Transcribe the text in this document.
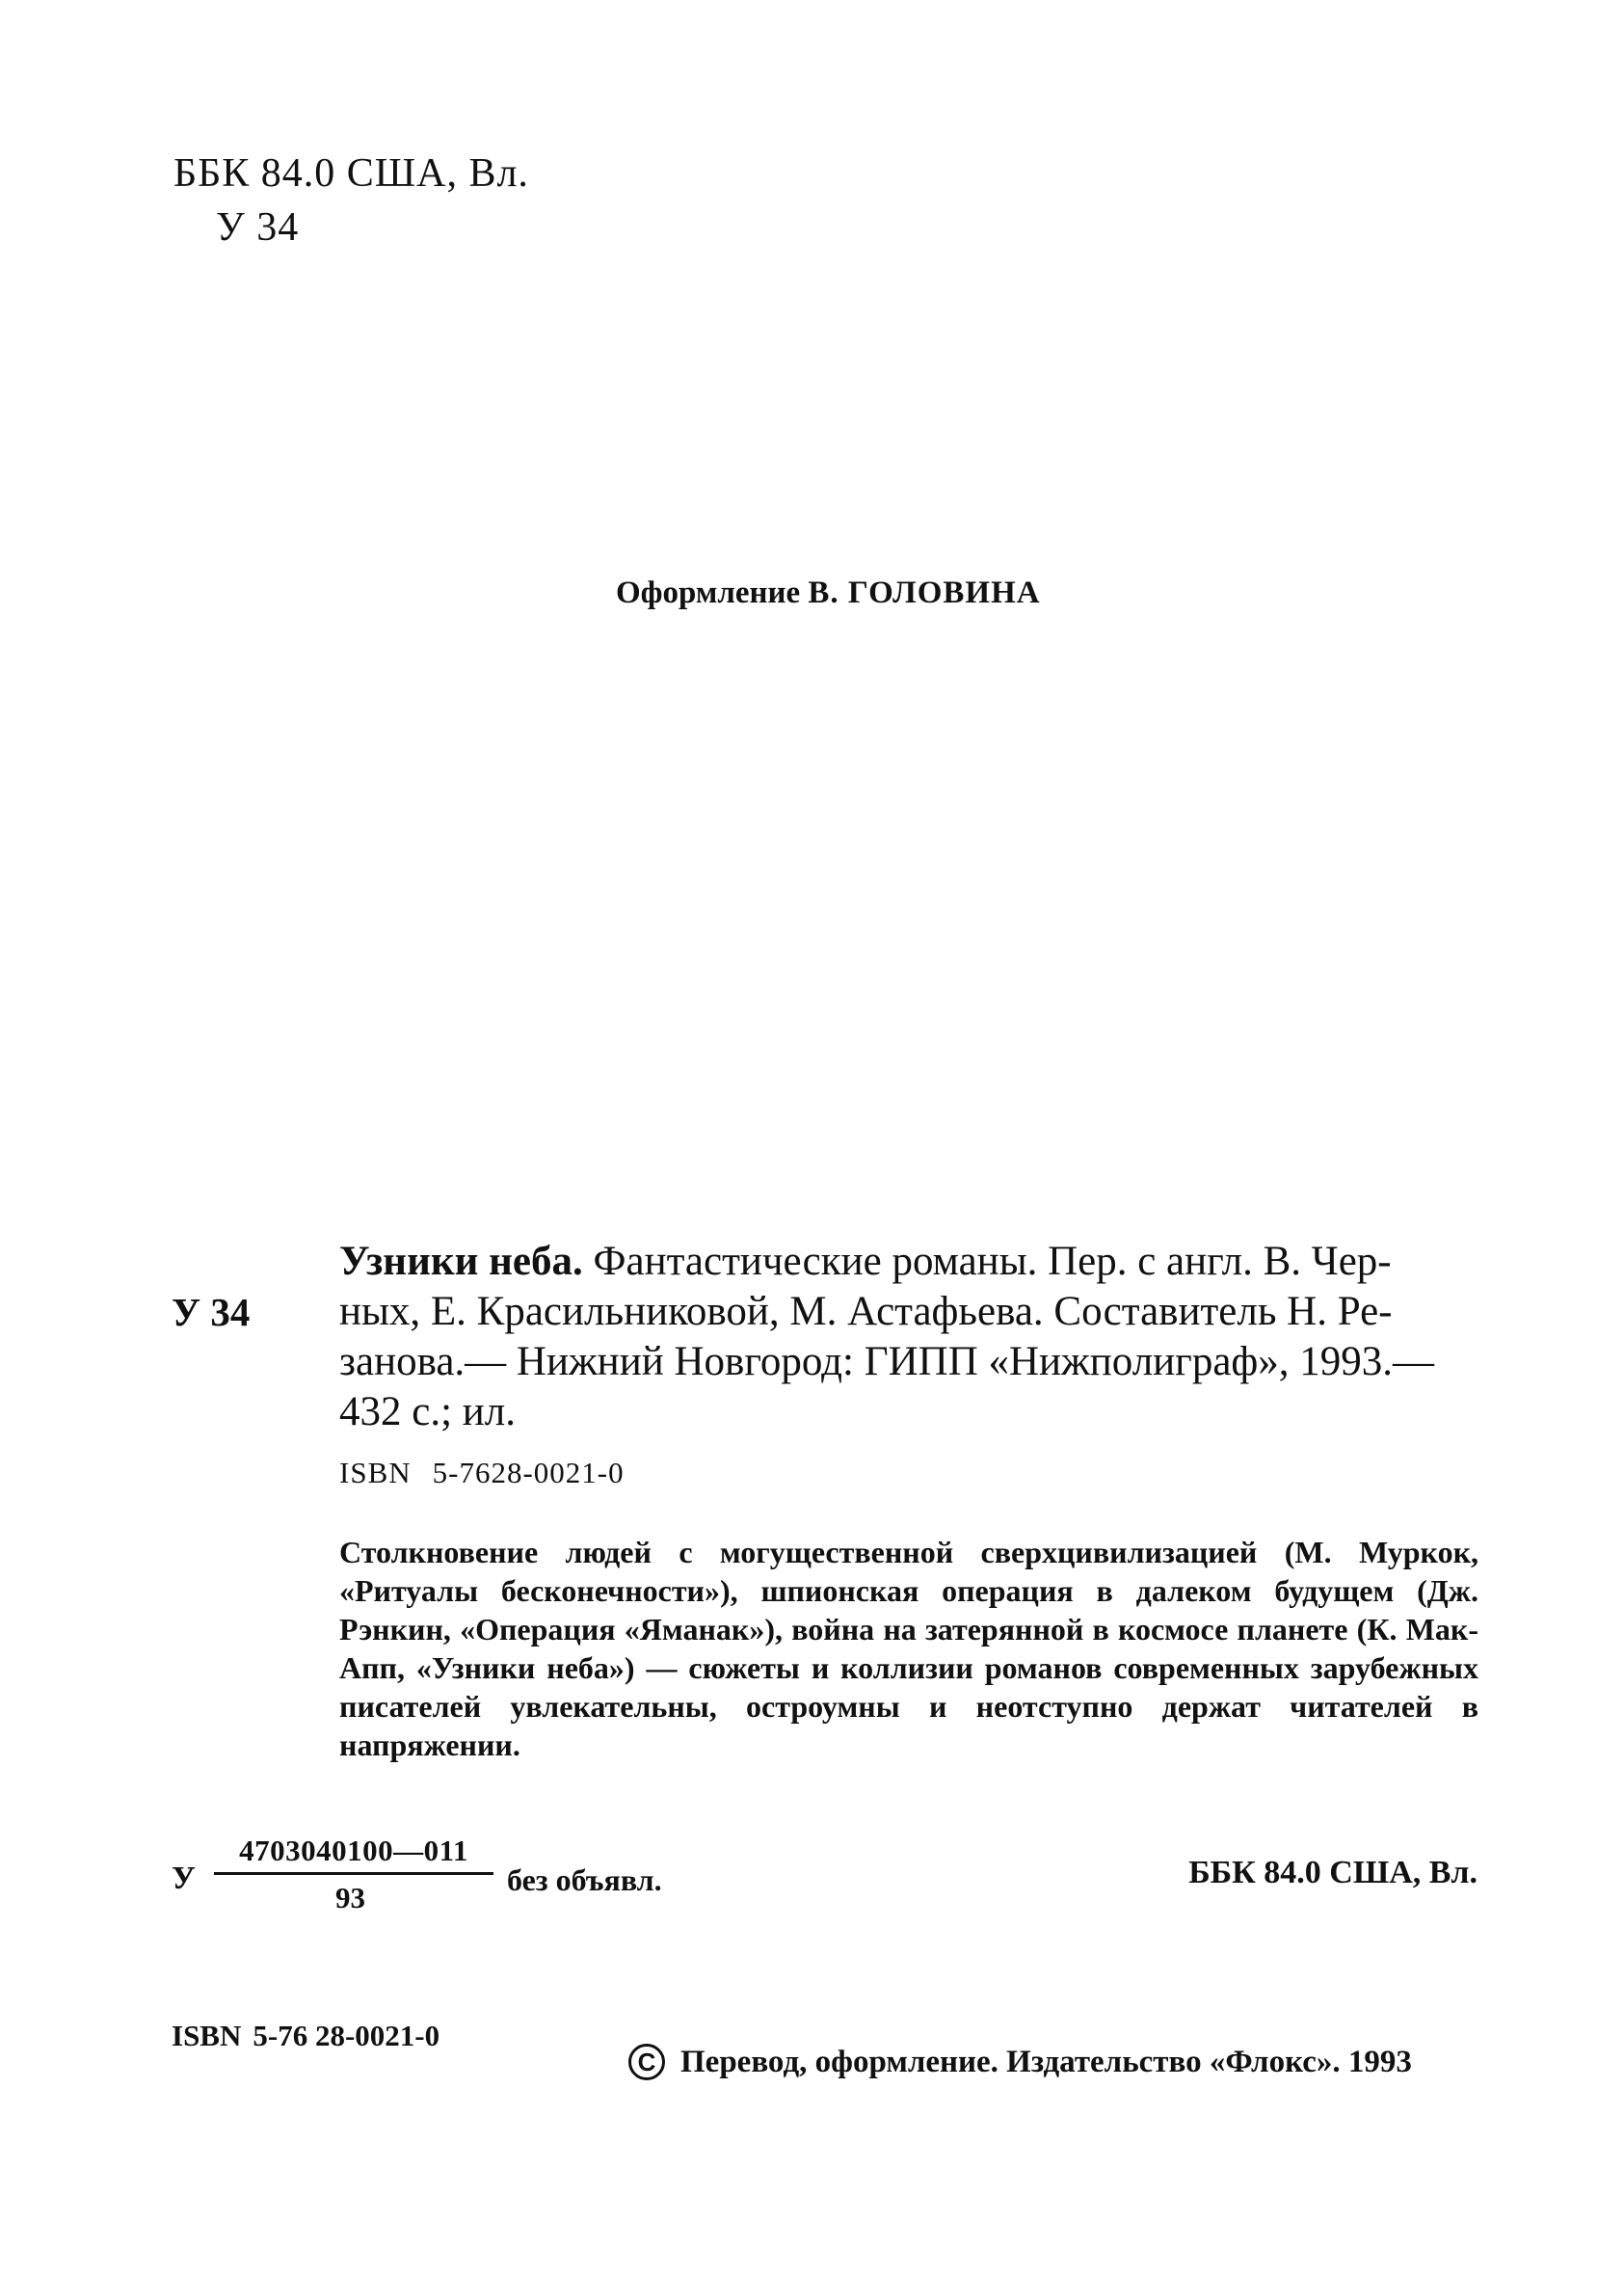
ББК 84.0 США, Вл.
У 34
Оформление В. ГОЛОВИНА
У 34
Узники неба. Фантастические романы. Пер. с англ. В. Чер-
ных, Е. Красильниковой, М. Астафьева. Составитель Н. Ре-
занова.— Нижний Новгород: ГИПП «Нижполиграф», 1993.—
432 с.; ил.
ISBN 5-7628-0021-0
Столкновение людей с могущественной сверхцивилизацией (М. Муркок, «Ритуалы бесконечности»), шпионская операция в далеком будущем (Дж. Рэнкин, «Операция «Яманак»), война на затерянной в космосе планете (К. Мак-Апп, «Узники неба») — сюжеты и коллизии романов современных зарубежных писателей увлекательны, остроумны и неотступно держат читателей в напряжении.
У $\frac{4703040100—011}{93}$ без объявл.	ББК 84.0 США, Вл.
ISBN 5-76 28-0021-0
C Перевод, оформление. Издательство «Флокс». 1993
